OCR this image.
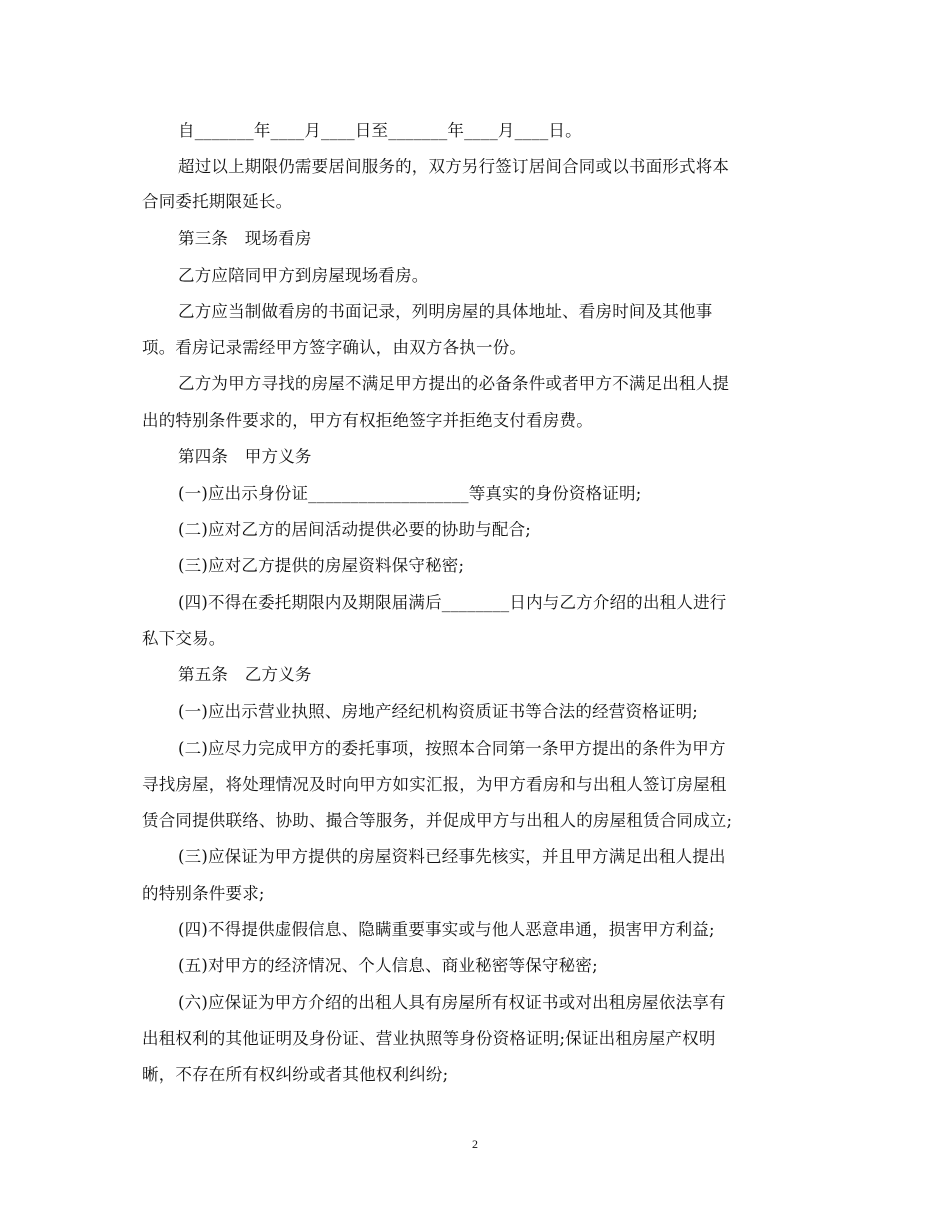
自_______年____月____日至_______年____月____日。
超过以上期限仍需要居间服务的，双方另行签订居间合同或以书面形式将本
合同委托期限延长。
第三条　现场看房
乙方应陪同甲方到房屋现场看房。
乙方应当制做看房的书面记录，列明房屋的具体地址、看房时间及其他事
项。看房记录需经甲方签字确认，由双方各执一份。
乙方为甲方寻找的房屋不满足甲方提出的必备条件或者甲方不满足出租人提
出的特别条件要求的，甲方有权拒绝签字并拒绝支付看房费。
第四条　甲方义务
(一)应出示身份证___________________等真实的身份资格证明;
(二)应对乙方的居间活动提供必要的协助与配合;
(三)应对乙方提供的房屋资料保守秘密;
(四)不得在委托期限内及期限届满后________日内与乙方介绍的出租人进行
私下交易。
第五条　乙方义务
(一)应出示营业执照、房地产经纪机构资质证书等合法的经营资格证明;
(二)应尽力完成甲方的委托事项，按照本合同第一条甲方提出的条件为甲方
寻找房屋，将处理情况及时向甲方如实汇报，为甲方看房和与出租人签订房屋租
赁合同提供联络、协助、撮合等服务，并促成甲方与出租人的房屋租赁合同成立;
(三)应保证为甲方提供的房屋资料已经事先核实，并且甲方满足出租人提出
的特别条件要求;
(四)不得提供虚假信息、隐瞒重要事实或与他人恶意串通，损害甲方利益;
(五)对甲方的经济情况、个人信息、商业秘密等保守秘密;
(六)应保证为甲方介绍的出租人具有房屋所有权证书或对出租房屋依法享有
出租权利的其他证明及身份证、营业执照等身份资格证明;保证出租房屋产权明
晰，不存在所有权纠纷或者其他权利纠纷;
2
